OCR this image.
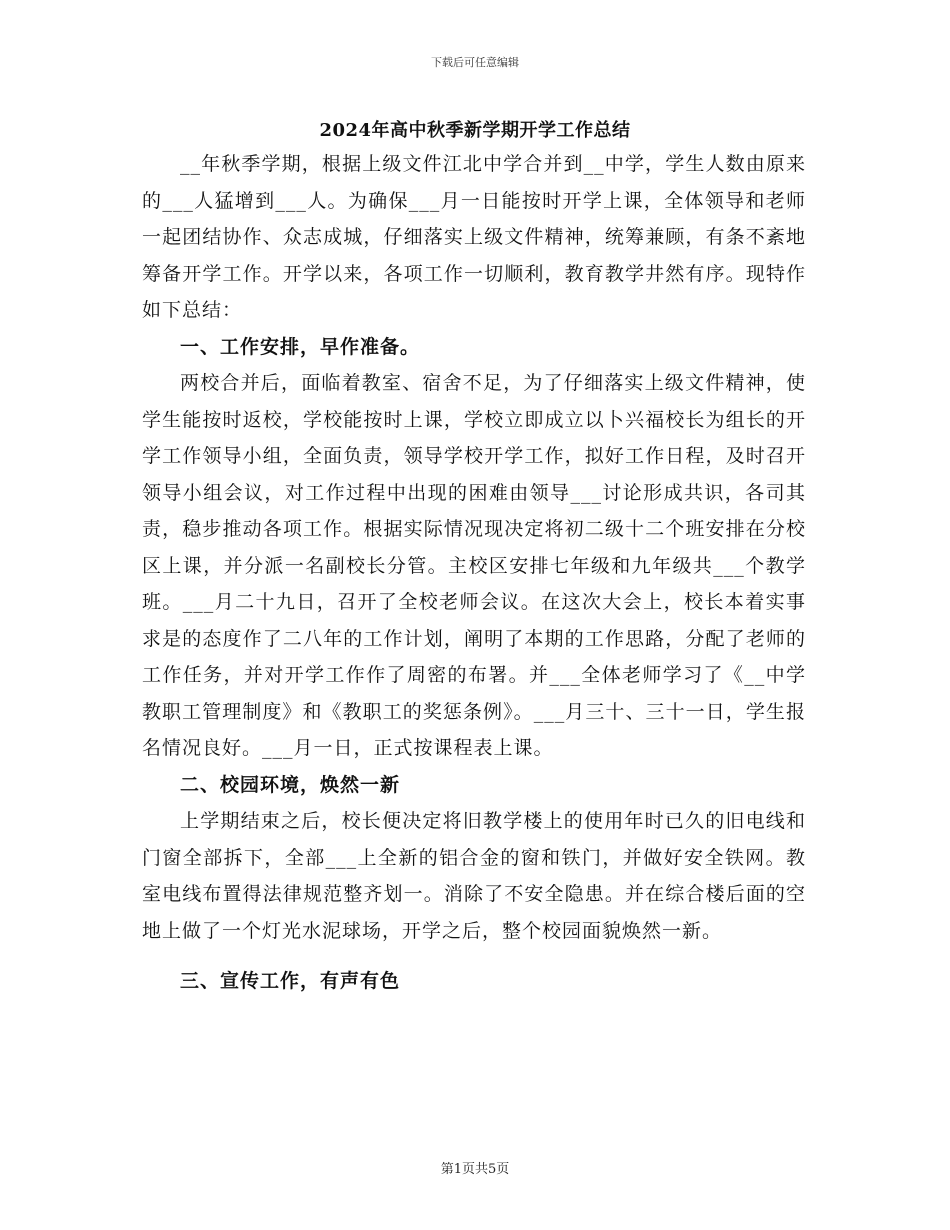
下载后可任意编辑
2024年高中秋季新学期开学工作总结

__年秋季学期，根据上级文件江北中学合并到__中学，学生人数由原来的___人猛增到___人。为确保___月一日能按时开学上课，全体领导和老师一起团结协作、众志成城，仔细落实上级文件精神，统筹兼顾，有条不紊地筹备开学工作。开学以来，各项工作一切顺利，教育教学井然有序。现特作如下总结：

一、工作安排，早作准备。

两校合并后，面临着教室、宿舍不足，为了仔细落实上级文件精神，使学生能按时返校，学校能按时上课，学校立即成立以卜兴福校长为组长的开学工作领导小组，全面负责，领导学校开学工作，拟好工作日程，及时召开领导小组会议，对工作过程中出现的困难由领导___讨论形成共识，各司其责，稳步推动各项工作。根据实际情况现决定将初二级十二个班安排在分校区上课，并分派一名副校长分管。主校区安排七年级和九年级共___个教学班。___月二十九日，召开了全校老师会议。在这次大会上，校长本着实事求是的态度作了二八年的工作计划，阐明了本期的工作思路，分配了老师的工作任务，并对开学工作作了周密的布署。并___全体老师学习了《__中学教职工管理制度》和《教职工的奖惩条例》。___月三十、三十一日，学生报名情况良好。___月一日，正式按课程表上课。

二、校园环境，焕然一新

上学期结束之后，校长便决定将旧教学楼上的使用年时已久的旧电线和门窗全部拆下，全部___上全新的铝合金的窗和铁门，并做好安全铁网。教室电线布置得法律规范整齐划一。消除了不安全隐患。并在综合楼后面的空地上做了一个灯光水泥球场，开学之后，整个校园面貌焕然一新。

三、宣传工作，有声有色

第1页共5页
